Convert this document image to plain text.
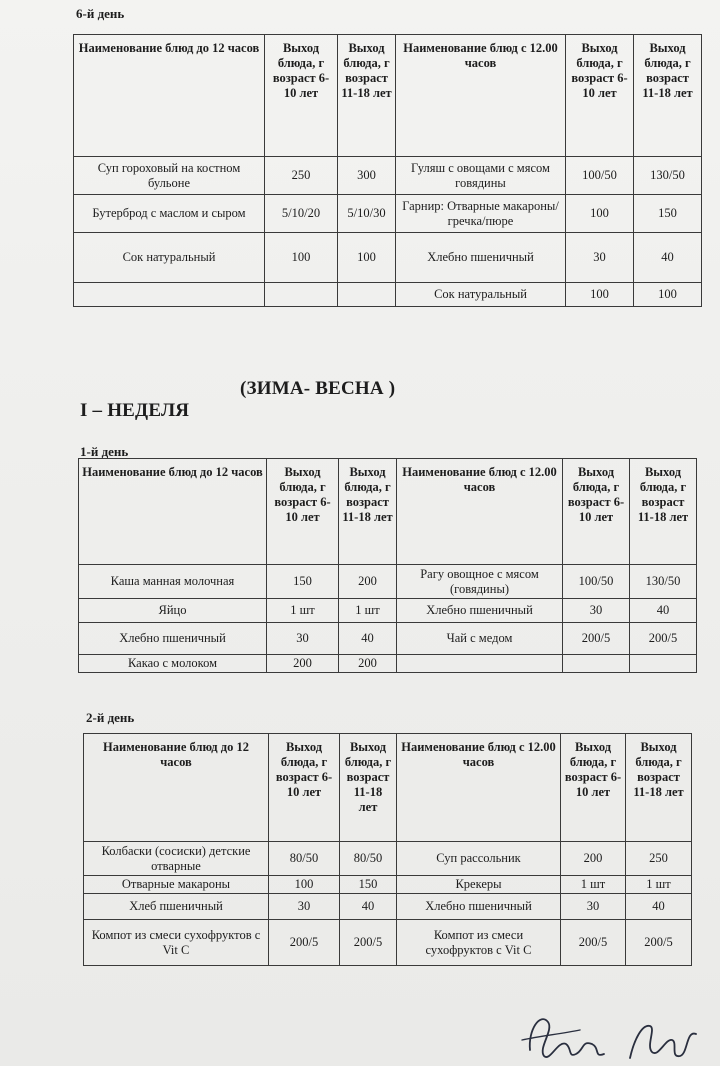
6-й день
Наименование блюд до 12 часов	Выход блюда, г возраст 6-10 лет	Выход блюда, г возраст 11-18 лет	Наименование блюд с 12.00 часов	Выход блюда, г возраст 6-10 лет	Выход блюда, г возраст 11-18 лет
Суп гороховый на костном бульоне	250	300	Гуляш с овощами с мясом говядины	100/50	130/50
Бутерброд с маслом и сыром	5/10/20	5/10/30	Гарнир: Отварные макароны/ гречка/пюре	100	150
Сок натуральный	100	100	Хлебно пшеничный	30	40
			Сок натуральный	100	100
(ЗИМА- ВЕСНА )
I – НЕДЕЛЯ
1-й день
Наименование блюд до 12 часов	Выход блюда, г возраст 6-10 лет	Выход блюда, г возраст 11-18 лет	Наименование блюд с 12.00 часов	Выход блюда, г возраст 6-10 лет	Выход блюда, г возраст 11-18 лет
Каша манная молочная	150	200	Рагу овощное с мясом (говядины)	100/50	130/50
Яйцо	1 шт	1 шт	Хлебно пшеничный	30	40
Хлебно пшеничный	30	40	Чай с медом	200/5	200/5
Какао с молоком	200	200			
2-й день
Наименование блюд до 12 часов	Выход блюда, г возраст 6-10 лет	Выход блюда, г возраст 11-18 лет	Наименование блюд с 12.00 часов	Выход блюда, г возраст 6-10 лет	Выход блюда, г возраст 11-18 лет
Колбаски (сосиски) детские отварные	80/50	80/50	Суп рассольник	200	250
Отварные макароны	100	150	Крекеры	1 шт	1 шт
Хлеб пшеничный	30	40	Хлебно пшеничный	30	40
Компот из смеси сухофруктов с Vit C	200/5	200/5	Компот из смеси сухофруктов с Vit C	200/5	200/5
